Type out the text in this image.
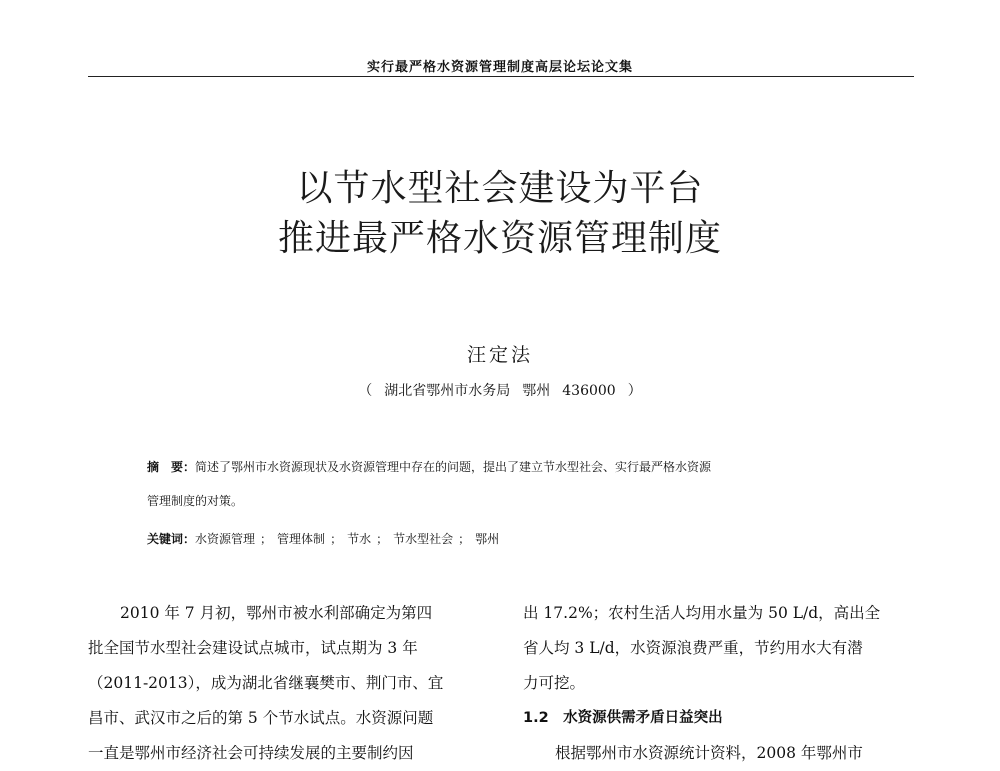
实行最严格水资源管理制度高层论坛论文集
以节水型社会建设为平台
推进最严格水资源管理制度
汪定法
（ 湖北省鄂州市水务局 鄂州 436000 ）
摘　要：简述了鄂州市水资源现状及水资源管理中存在的问题，提出了建立节水型社会、实行最严格水资源
管理制度的对策。
关键词：水资源管理 ； 管理体制 ； 节水 ； 节水型社会 ； 鄂州
2010 年 7 月初，鄂州市被水利部确定为第四
批全国节水型社会建设试点城市，试点期为 3 年
（2011-2013），成为湖北省继襄樊市、荆门市、宜
昌市、武汉市之后的第 5 个节水试点。水资源问题
一直是鄂州市经济社会可持续发展的主要制约因
出 17.2%；农村生活人均用水量为 50 L/d，高出全
省人均 3 L/d，水资源浪费严重，节约用水大有潜
力可挖。
1.2　水资源供需矛盾日益突出
根据鄂州市水资源统计资料，2008 年鄂州市
